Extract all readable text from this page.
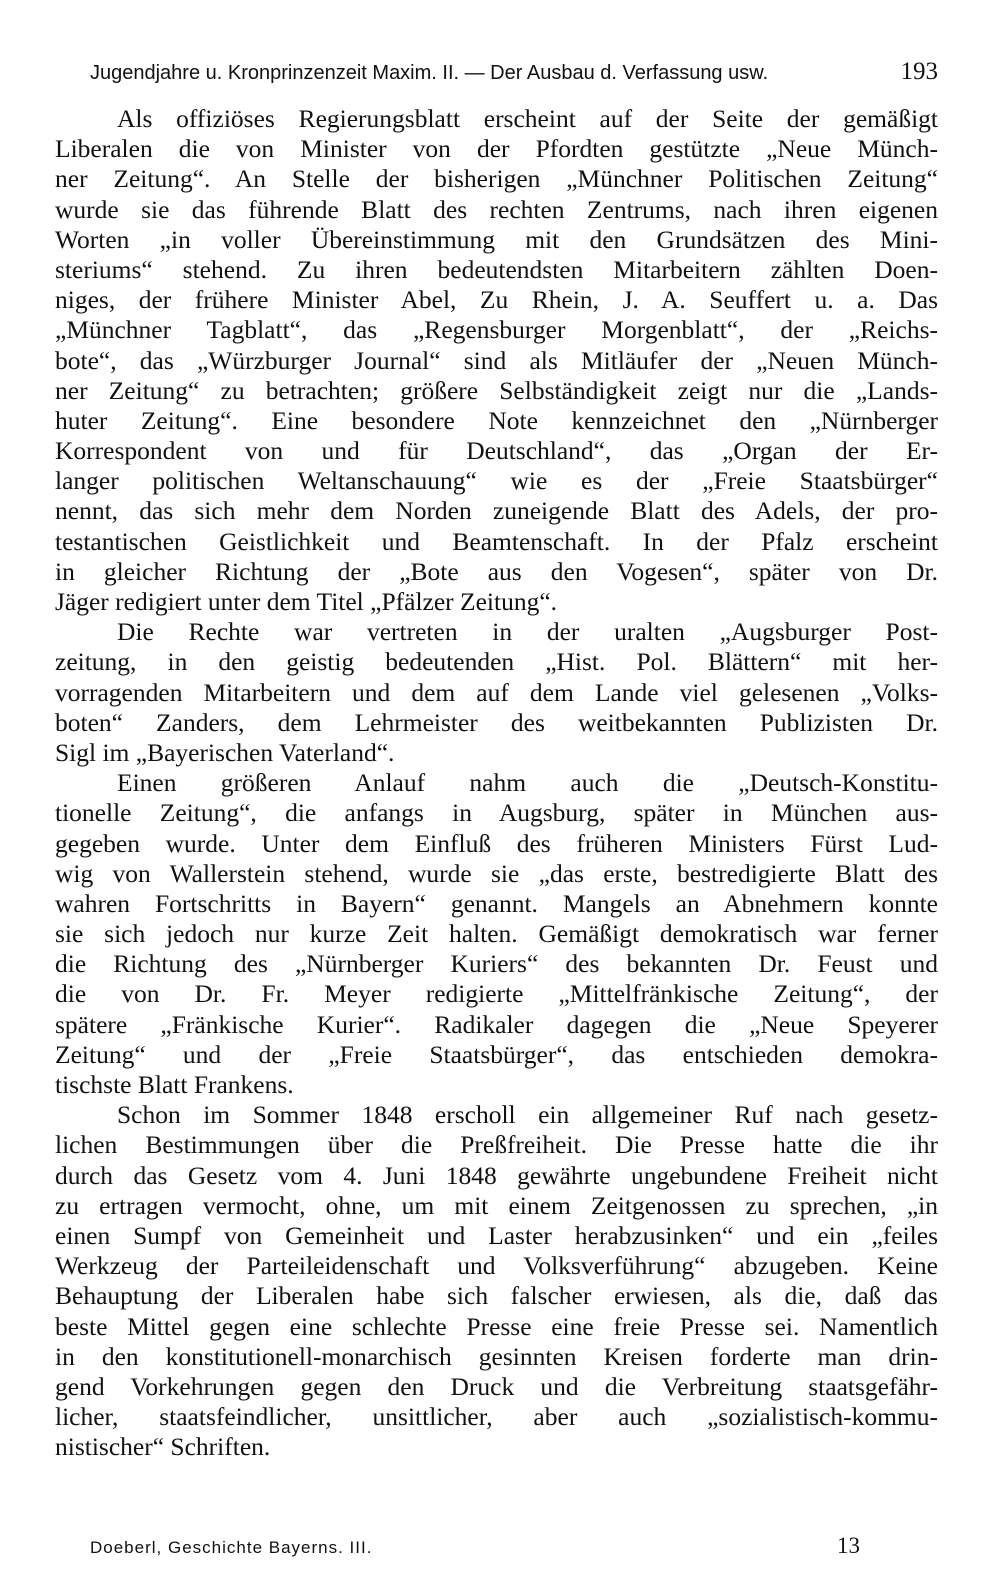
Jugendjahre u. Kronprinzenzeit Maxim. II. — Der Ausbau d. Verfassung usw.	193
Als offiziöses Regierungsblatt erscheint auf der Seite der gemäßigt
Liberalen die von Minister von der Pfordten gestützte „Neue Münch-
ner Zeitung“. An Stelle der bisherigen „Münchner Politischen Zeitung“
wurde sie das führende Blatt des rechten Zentrums, nach ihren eigenen
Worten „in voller Übereinstimmung mit den Grundsätzen des Mini-
steriums“ stehend. Zu ihren bedeutendsten Mitarbeitern zählten Doen-
niges, der frühere Minister Abel, Zu Rhein, J. A. Seuffert u. a. Das
„Münchner Tagblatt“, das „Regensburger Morgenblatt“, der „Reichs-
bote“, das „Würzburger Journal“ sind als Mitläufer der „Neuen Münch-
ner Zeitung“ zu betrachten; größere Selbständigkeit zeigt nur die „Lands-
huter Zeitung“. Eine besondere Note kennzeichnet den „Nürnberger
Korrespondent von und für Deutschland“, das „Organ der Er-
langer politischen Weltanschauung“ wie es der „Freie Staatsbürger“
nennt, das sich mehr dem Norden zuneigende Blatt des Adels, der pro-
testantischen Geistlichkeit und Beamtenschaft. In der Pfalz erscheint
in gleicher Richtung der „Bote aus den Vogesen“, später von Dr.
Jäger redigiert unter dem Titel „Pfälzer Zeitung“.
Die Rechte war vertreten in der uralten „Augsburger Post-
zeitung, in den geistig bedeutenden „Hist. Pol. Blättern“ mit her-
vorragenden Mitarbeitern und dem auf dem Lande viel gelesenen „Volks-
boten“ Zanders, dem Lehrmeister des weitbekannten Publizisten Dr.
Sigl im „Bayerischen Vaterland“.
Einen größeren Anlauf nahm auch die „Deutsch-Konstitu-
tionelle Zeitung“, die anfangs in Augsburg, später in München aus-
gegeben wurde. Unter dem Einfluß des früheren Ministers Fürst Lud-
wig von Wallerstein stehend, wurde sie „das erste, bestredigierte Blatt des
wahren Fortschritts in Bayern“ genannt. Mangels an Abnehmern konnte
sie sich jedoch nur kurze Zeit halten. Gemäßigt demokratisch war ferner
die Richtung des „Nürnberger Kuriers“ des bekannten Dr. Feust und
die von Dr. Fr. Meyer redigierte „Mittelfränkische Zeitung“, der
spätere „Fränkische Kurier“. Radikaler dagegen die „Neue Speyerer
Zeitung“ und der „Freie Staatsbürger“, das entschieden demokra-
tischste Blatt Frankens.
Schon im Sommer 1848 erscholl ein allgemeiner Ruf nach gesetz-
lichen Bestimmungen über die Preßfreiheit. Die Presse hatte die ihr
durch das Gesetz vom 4. Juni 1848 gewährte ungebundene Freiheit nicht
zu ertragen vermocht, ohne, um mit einem Zeitgenossen zu sprechen, „in
einen Sumpf von Gemeinheit und Laster herabzusinken“ und ein „feiles
Werkzeug der Parteileidenschaft und Volksverführung“ abzugeben. Keine
Behauptung der Liberalen habe sich falscher erwiesen, als die, daß das
beste Mittel gegen eine schlechte Presse eine freie Presse sei. Namentlich
in den konstitutionell-monarchisch gesinnten Kreisen forderte man drin-
gend Vorkehrungen gegen den Druck und die Verbreitung staatsgefähr-
licher, staatsfeindlicher, unsittlicher, aber auch „sozialistisch-kommu-
nistischer“ Schriften.
Doeberl, Geschichte Bayerns. III.	13
